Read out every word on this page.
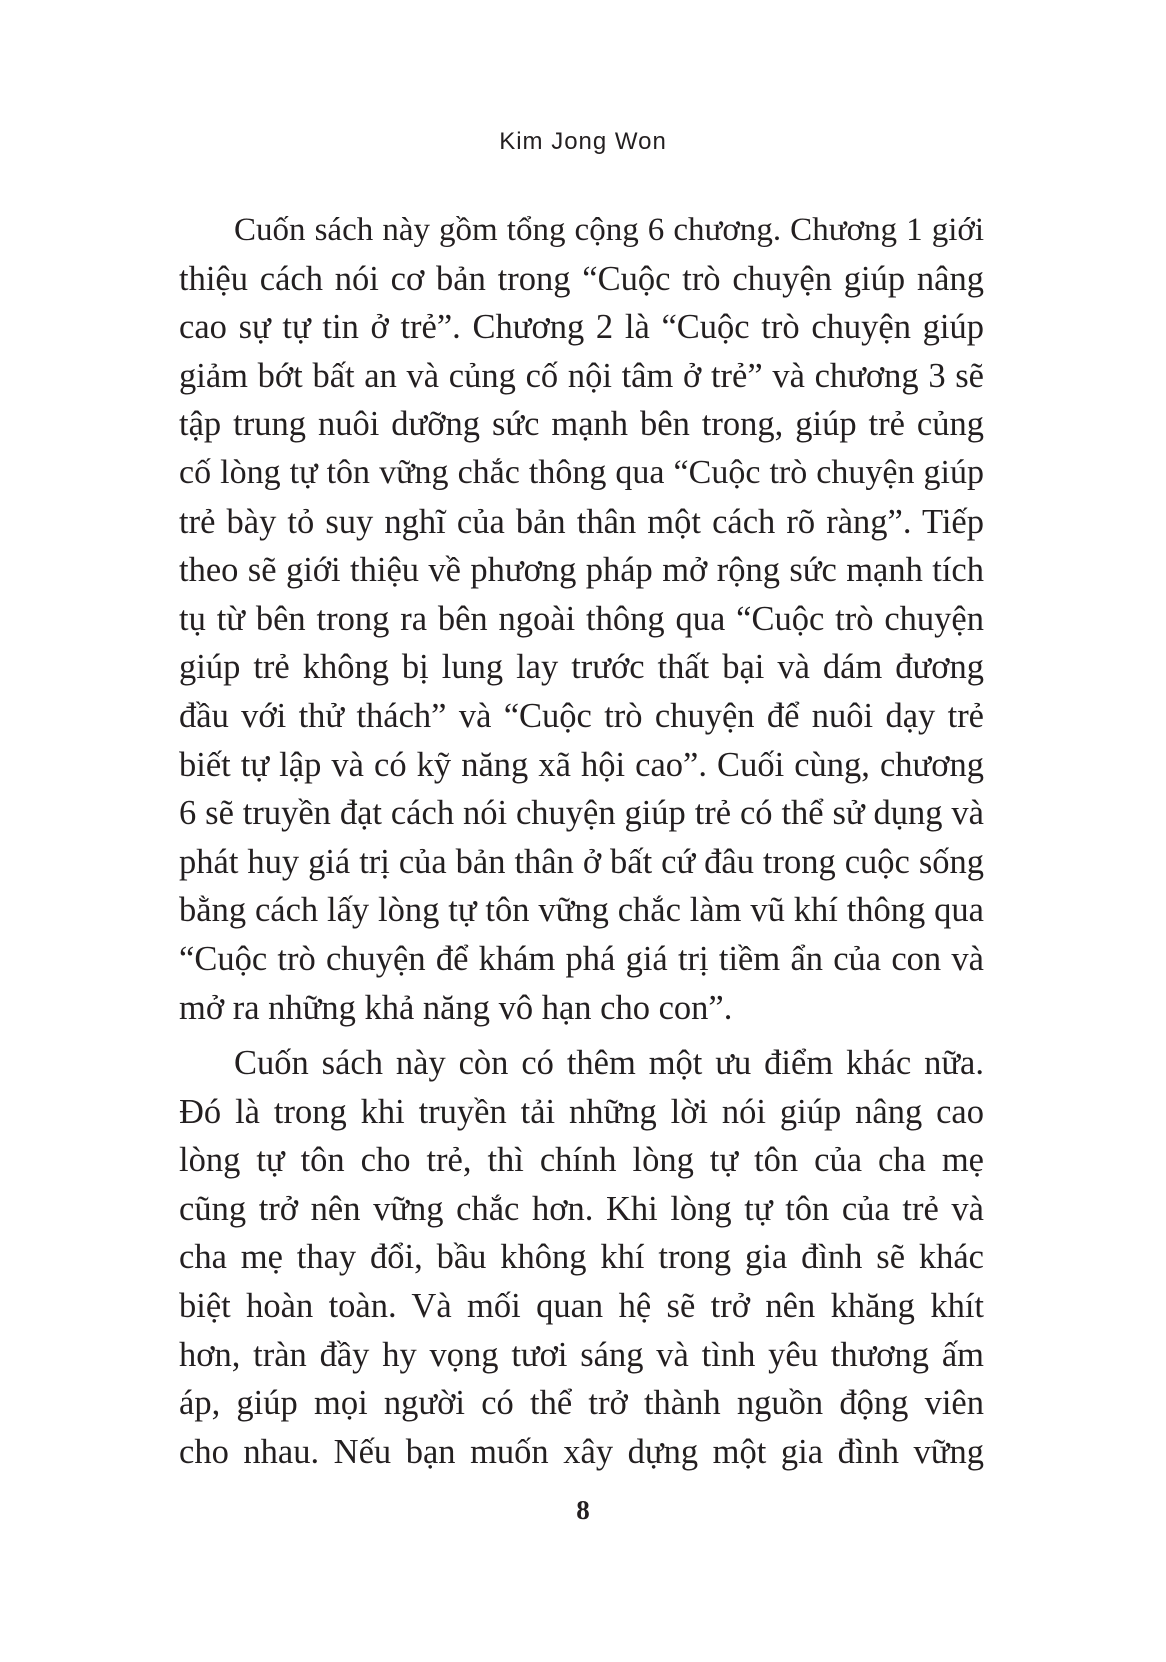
Kim Jong Won
Cuốn sách này gồm tổng cộng 6 chương. Chương 1 giới
thiệu cách nói cơ bản trong “Cuộc trò chuyện giúp nâng
cao sự tự tin ở trẻ”. Chương 2 là “Cuộc trò chuyện giúp
giảm bớt bất an và củng cố nội tâm ở trẻ” và chương 3 sẽ
tập trung nuôi dưỡng sức mạnh bên trong, giúp trẻ củng
cố lòng tự tôn vững chắc thông qua “Cuộc trò chuyện giúp
trẻ bày tỏ suy nghĩ của bản thân một cách rõ ràng”. Tiếp
theo sẽ giới thiệu về phương pháp mở rộng sức mạnh tích
tụ từ bên trong ra bên ngoài thông qua “Cuộc trò chuyện
giúp trẻ không bị lung lay trước thất bại và dám đương
đầu với thử thách” và “Cuộc trò chuyện để nuôi dạy trẻ
biết tự lập và có kỹ năng xã hội cao”. Cuối cùng, chương
6 sẽ truyền đạt cách nói chuyện giúp trẻ có thể sử dụng và
phát huy giá trị của bản thân ở bất cứ đâu trong cuộc sống
bằng cách lấy lòng tự tôn vững chắc làm vũ khí thông qua
“Cuộc trò chuyện để khám phá giá trị tiềm ẩn của con và
mở ra những khả năng vô hạn cho con”.
Cuốn sách này còn có thêm một ưu điểm khác nữa.
Đó là trong khi truyền tải những lời nói giúp nâng cao
lòng tự tôn cho trẻ, thì chính lòng tự tôn của cha mẹ
cũng trở nên vững chắc hơn. Khi lòng tự tôn của trẻ và
cha mẹ thay đổi, bầu không khí trong gia đình sẽ khác
biệt hoàn toàn. Và mối quan hệ sẽ trở nên khăng khít
hơn, tràn đầy hy vọng tươi sáng và tình yêu thương ấm
áp, giúp mọi người có thể trở thành nguồn động viên
cho nhau. Nếu bạn muốn xây dựng một gia đình vững
8
